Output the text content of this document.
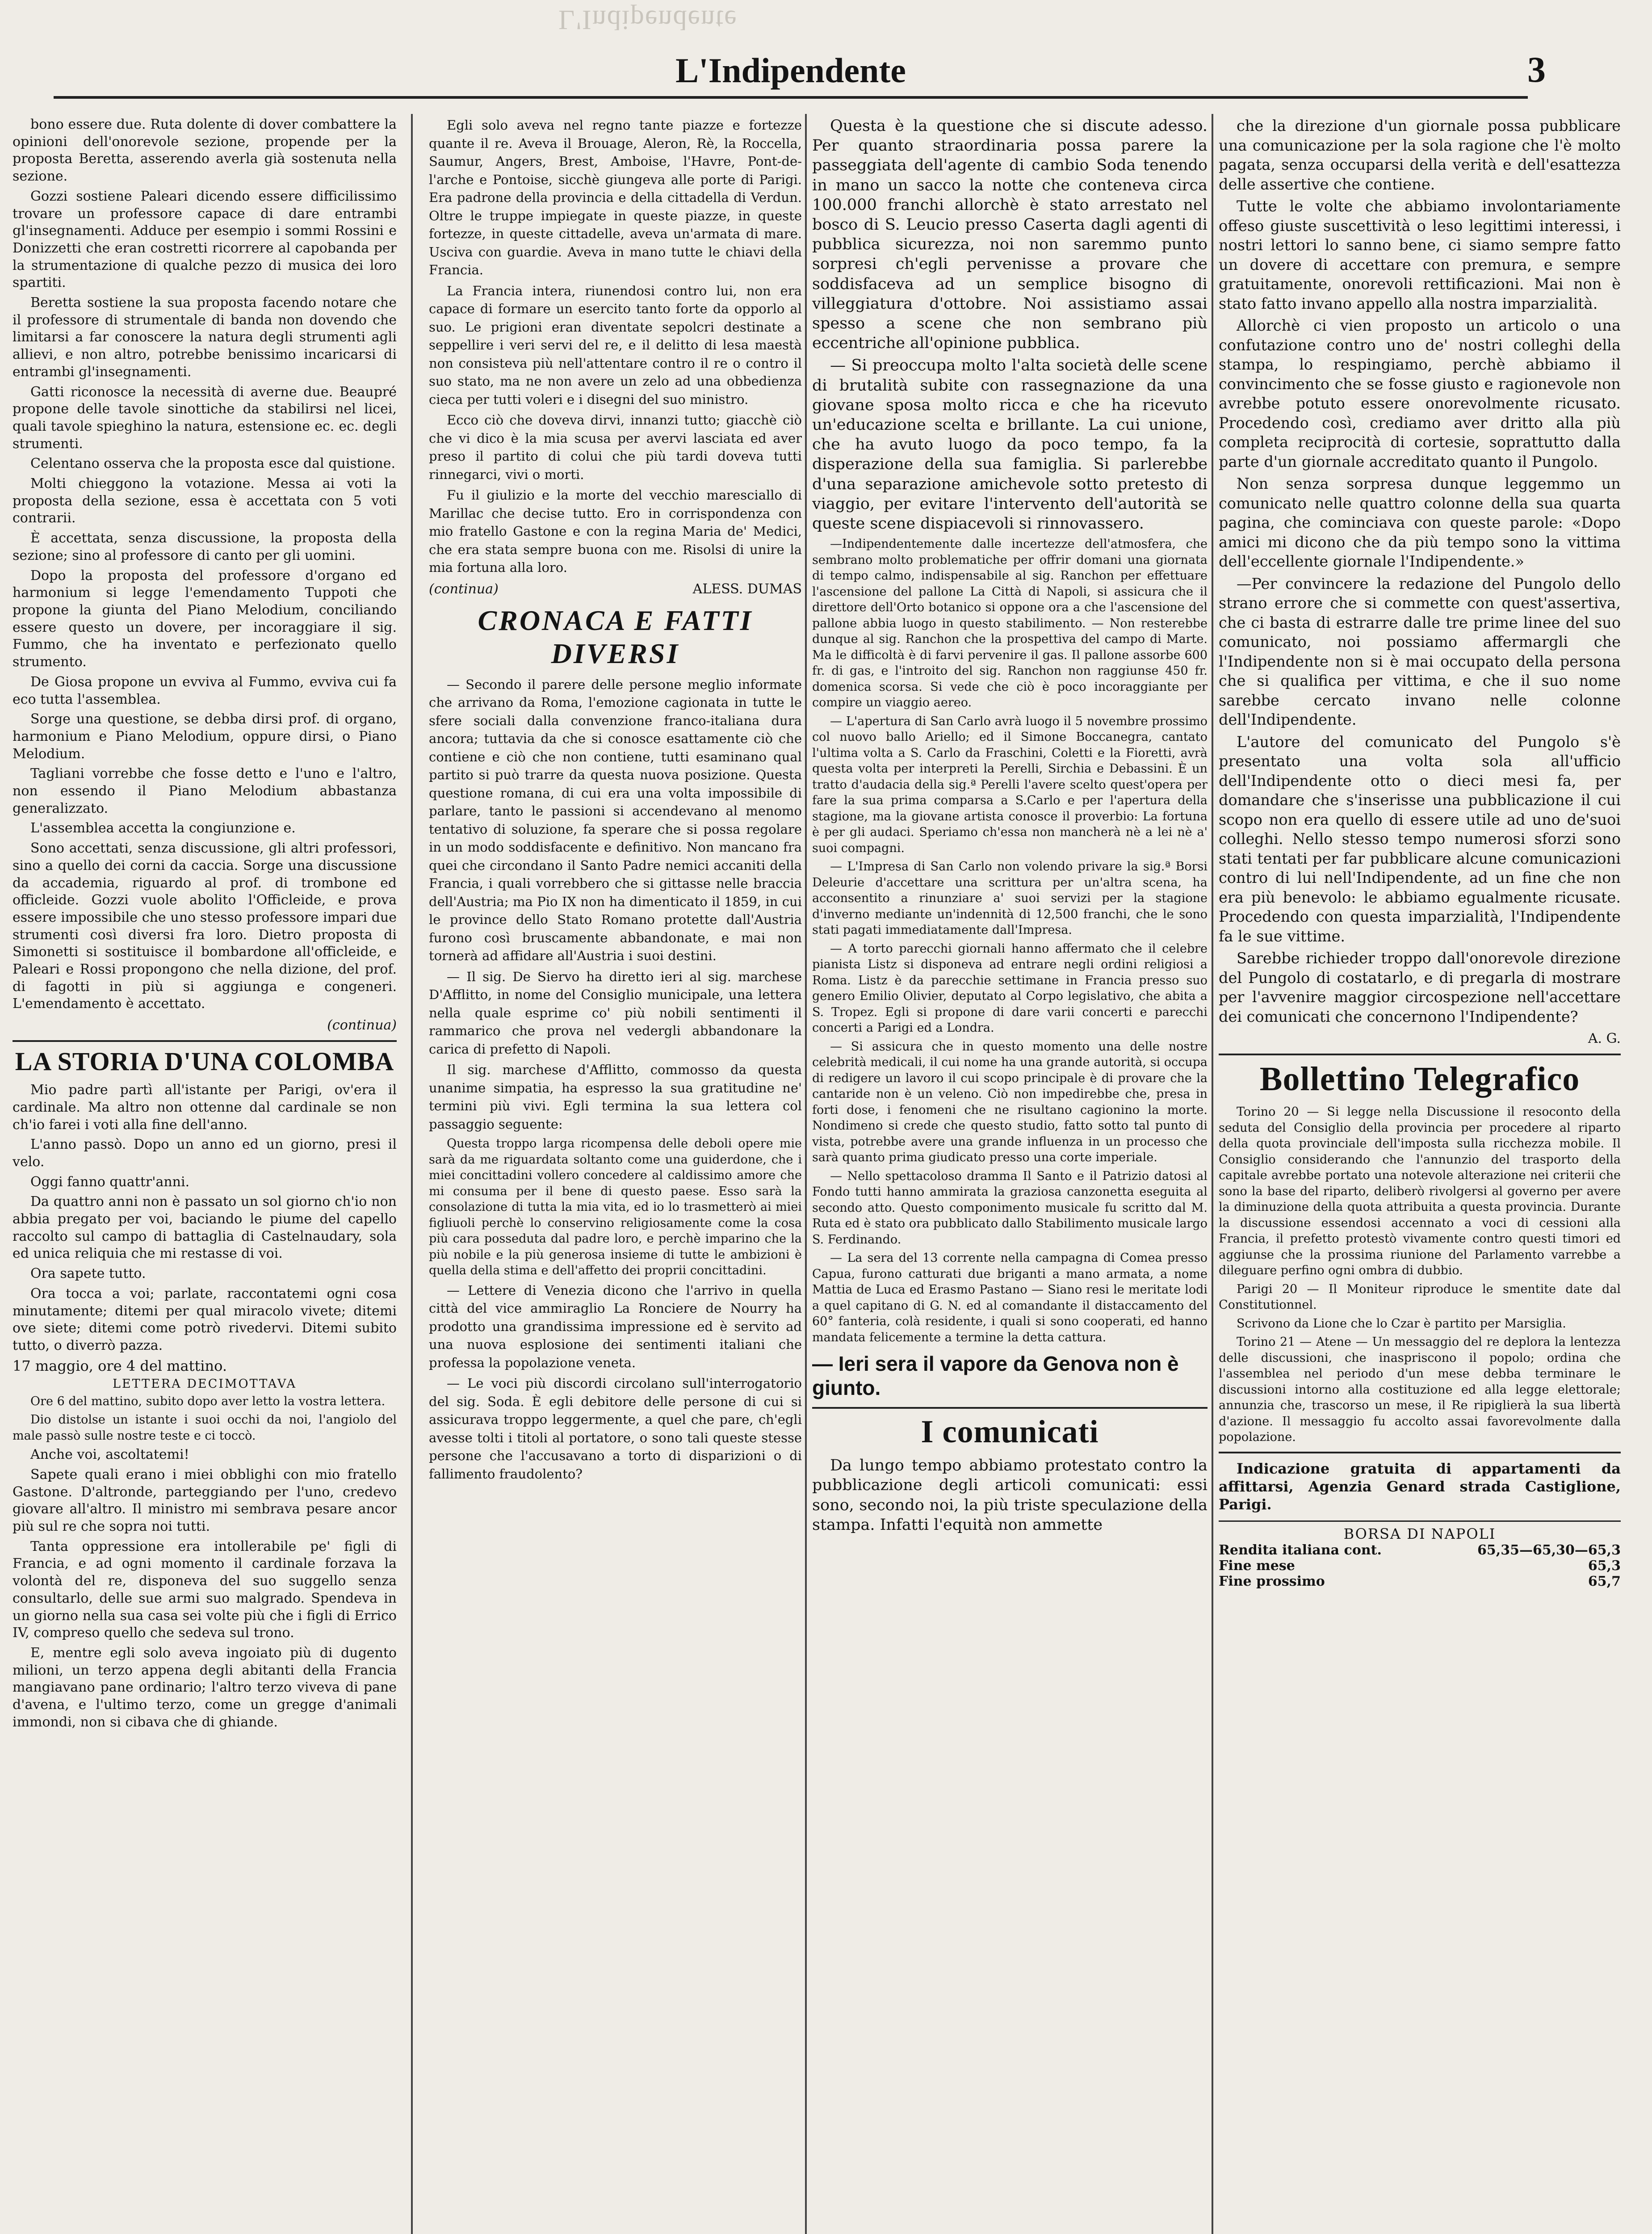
L'Indipendente
L'Indipendente	3

bono essere due. Ruta dolente di dover combattere la opinioni dell'onorevole sezione, propende per la proposta Beretta, asserendo averla già sostenuta nella sezione.

Gozzi sostiene Paleari dicendo essere difficilissimo trovare un professore capace di dare entrambi gl'insegnamenti. Adduce per esempio i sommi Rossini e Donizzetti che eran costretti ricorrere al capobanda per la strumentazione di qualche pezzo di musica dei loro spartiti.

Beretta sostiene la sua proposta facendo notare che il professore di strumentale di banda non dovendo che limitarsi a far conoscere la natura degli strumenti agli allievi, e non altro, potrebbe benissimo incaricarsi di entrambi gl'insegnamenti.

Gatti riconosce la necessità di averne due. Beaupré propone delle tavole sinottiche da stabilirsi nel licei, quali tavole spieghino la natura, estensione ec. ec. degli strumenti.

Celentano osserva che la proposta esce dal quistione.

Molti chieggono la votazione. Messa ai voti la proposta della sezione, essa è accettata con 5 voti contrarii.

È accettata, senza discussione, la proposta della sezione; sino al professore di canto per gli uomini.

Dopo la proposta del professore d'organo ed harmonium si legge l'emendamento Tuppoti che propone la giunta del Piano Melodium, conciliando essere questo un dovere, per incoraggiare il sig. Fummo, che ha inventato e perfezionato quello strumento.

De Giosa propone un evviva al Fummo, evviva cui fa eco tutta l'assemblea.

Sorge una questione, se debba dirsi prof. di organo, harmonium e Piano Melodium, oppure dirsi, o Piano Melodium.

Tagliani vorrebbe che fosse detto e l'uno e l'altro, non essendo il Piano Melodium abbastanza generalizzato.

L'assemblea accetta la congiunzione e.

Sono accettati, senza discussione, gli altri professori, sino a quello dei corni da caccia. Sorge una discussione da accademia, riguardo al prof. di trombone ed officleide. Gozzi vuole abolito l'Officleide, e prova essere impossibile che uno stesso professore impari due strumenti così diversi fra loro. Dietro proposta di Simonetti si sostituisce il bombardone all'officleide, e Paleari e Rossi propongono che nella dizione, del prof. di fagotti in più si aggiunga e congeneri. L'emendamento è accettato.

(continua)
LA STORIA D'UNA COLOMBA

Mio padre partì all'istante per Parigi, ov'era il cardinale. Ma altro non ottenne dal cardinale se non ch'io farei i voti alla fine dell'anno.

L'anno passò. Dopo un anno ed un giorno, presi il velo.

Oggi fanno quattr'anni.

Da quattro anni non è passato un sol giorno ch'io non abbia pregato per voi, baciando le piume del capello raccolto sul campo di battaglia di Castelnaudary, sola ed unica reliquia che mi restasse di voi.

Ora sapete tutto.

Ora tocca a voi; parlate, raccontatemi ogni cosa minutamente; ditemi per qual miracolo vivete; ditemi ove siete; ditemi come potrò rivedervi. Ditemi subito tutto, o diverrò pazza.

17 maggio, ore 4 del mattino.
LETTERA DECIMOTTAVA

Ore 6 del mattino, subito dopo aver letto la vostra lettera.

Dio distolse un istante i suoi occhi da noi, l'angiolo del male passò sulle nostre teste e ci toccò.

Anche voi, ascoltatemi!

Sapete quali erano i miei obblighi con mio fratello Gastone. D'altronde, parteggiando per l'uno, credevo giovare all'altro. Il ministro mi sembrava pesare ancor più sul re che sopra noi tutti.

Tanta oppressione era intollerabile pe' figli di Francia, e ad ogni momento il cardinale forzava la volontà del re, disponeva del suo suggello senza consultarlo, delle sue armi suo malgrado. Spendeva in un giorno nella sua casa sei volte più che i figli di Errico IV, compreso quello che sedeva sul trono.

E, mentre egli solo aveva ingoiato più di dugento milioni, un terzo appena degli abitanti della Francia mangiavano pane ordinario; l'altro terzo viveva di pane d'avena, e l'ultimo terzo, come un gregge d'animali immondi, non si cibava che di ghiande.

Egli solo aveva nel regno tante piazze e fortezze quante il re. Aveva il Brouage, Aleron, Rè, la Roccella, Saumur, Angers, Brest, Amboise, l'Havre, Pont-de-l'arche e Pontoise, sicchè giungeva alle porte di Parigi. Era padrone della provincia e della cittadella di Verdun. Oltre le truppe impiegate in queste piazze, in queste fortezze, in queste cittadelle, aveva un'armata di mare. Usciva con guardie. Aveva in mano tutte le chiavi della Francia.

La Francia intera, riunendosi contro lui, non era capace di formare un esercito tanto forte da opporlo al suo. Le prigioni eran diventate sepolcri destinate a seppellire i veri servi del re, e il delitto di lesa maestà non consisteva più nell'attentare contro il re o contro il suo stato, ma ne non avere un zelo ad una obbedienza cieca per tutti voleri e i disegni del suo ministro.

Ecco ciò che doveva dirvi, innanzi tutto; giacchè ciò che vi dico è la mia scusa per avervi lasciata ed aver preso il partito di colui che più tardi doveva tutti rinnegarci, vivi o morti.

Fu il giulizio e la morte del vecchio maresciallo di Marillac che decise tutto. Ero in corrispondenza con mio fratello Gastone e con la regina Maria de' Medici, che era stata sempre buona con me. Risolsi di unire la mia fortuna alla loro.

(continua)	ALESS. DUMAS
CRONACA E FATTI DIVERSI

— Secondo il parere delle persone meglio informate che arrivano da Roma, l'emozione cagionata in tutte le sfere sociali dalla convenzione franco-italiana dura ancora; tuttavia da che si conosce esattamente ciò che contiene e ciò che non contiene, tutti esaminano qual partito si può trarre da questa nuova posizione. Questa questione romana, di cui era una volta impossibile di parlare, tanto le passioni si accendevano al menomo tentativo di soluzione, fa sperare che si possa regolare in un modo soddisfacente e definitivo. Non mancano fra quei che circondano il Santo Padre nemici accaniti della Francia, i quali vorrebbero che si gittasse nelle braccia dell'Austria; ma Pio IX non ha dimenticato il 1859, in cui le province dello Stato Romano protette dall'Austria furono così bruscamente abbandonate, e mai non tornerà ad affidare all'Austria i suoi destini.

— Il sig. De Siervo ha diretto ieri al sig. marchese D'Afflitto, in nome del Consiglio municipale, una lettera nella quale esprime co' più nobili sentimenti il rammarico che prova nel vedergli abbandonare la carica di prefetto di Napoli.

Il sig. marchese d'Afflitto, commosso da questa unanime simpatia, ha espresso la sua gratitudine ne' termini più vivi. Egli termina la sua lettera col passaggio seguente:

Questa troppo larga ricompensa delle deboli opere mie sarà da me riguardata soltanto come una guiderdone, che i miei concittadini vollero concedere al caldissimo amore che mi consuma per il bene di questo paese. Esso sarà la consolazione di tutta la mia vita, ed io lo trasmetterò ai miei figliuoli perchè lo conservino religiosamente come la cosa più cara posseduta dal padre loro, e perchè imparino che la più nobile e la più generosa insieme di tutte le ambizioni è quella della stima e dell'affetto dei proprii concittadini.

— Lettere di Venezia dicono che l'arrivo in quella città del vice ammiraglio La Ronciere de Nourry ha prodotto una grandissima impressione ed è servito ad una nuova esplosione dei sentimenti italiani che professa la popolazione veneta.

— Le voci più discordi circolano sull'interrogatorio del sig. Soda. È egli debitore delle persone di cui si assicurava troppo leggermente, a quel che pare, ch'egli avesse tolti i titoli al portatore, o sono tali queste stesse persone che l'accusavano a torto di disparizioni o di fallimento fraudolento?

Questa è la questione che si discute adesso. Per quanto straordinaria possa parere la passeggiata dell'agente di cambio Soda tenendo in mano un sacco la notte che conteneva circa 100.000 franchi allorchè è stato arrestato nel bosco di S. Leucio presso Caserta dagli agenti di pubblica sicurezza, noi non saremmo punto sorpresi ch'egli pervenisse a provare che soddisfaceva ad un semplice bisogno di villeggiatura d'ottobre. Noi assistiamo assai spesso a scene che non sembrano più eccentriche all'opinione pubblica.

— Si preoccupa molto l'alta società delle scene di brutalità subite con rassegnazione da una giovane sposa molto ricca e che ha ricevuto un'educazione scelta e brillante. La cui unione, che ha avuto luogo da poco tempo, fa la disperazione della sua famiglia. Si parlerebbe d'una separazione amichevole sotto pretesto di viaggio, per evitare l'intervento dell'autorità se queste scene dispiacevoli si rinnovassero.

—Indipendentemente dalle incertezze dell'atmosfera, che sembrano molto problematiche per offrir domani una giornata di tempo calmo, indispensabile al sig. Ranchon per effettuare l'ascensione del pallone La Città di Napoli, si assicura che il direttore dell'Orto botanico si oppone ora a che l'ascensione del pallone abbia luogo in questo stabilimento. — Non resterebbe dunque al sig. Ranchon che la prospettiva del campo di Marte. Ma le difficoltà è di farvi pervenire il gas. Il pallone assorbe 600 fr. di gas, e l'introito del sig. Ranchon non raggiunse 450 fr. domenica scorsa. Si vede che ciò è poco incoraggiante per compire un viaggio aereo.

— L'apertura di San Carlo avrà luogo il 5 novembre prossimo col nuovo ballo Ariello; ed il Simone Boccanegra, cantato l'ultima volta a S. Carlo da Fraschini, Coletti e la Fioretti, avrà questa volta per interpreti la Perelli, Sirchia e Debassini. È un tratto d'audacia della sig.ª Perelli l'avere scelto quest'opera per fare la sua prima comparsa a S.Carlo e per l'apertura della stagione, ma la giovane artista conosce il proverbio: La fortuna è per gli audaci. Speriamo ch'essa non mancherà nè a lei nè a' suoi compagni.

— L'Impresa di San Carlo non volendo privare la sig.ª Borsi Deleurie d'accettare una scrittura per un'altra scena, ha acconsentito a rinunziare a' suoi servizi per la stagione d'inverno mediante un'indennità di 12,500 franchi, che le sono stati pagati immediatamente dall'Impresa.

— A torto parecchi giornali hanno affermato che il celebre pianista Listz si disponeva ad entrare negli ordini religiosi a Roma. Listz è da parecchie settimane in Francia presso suo genero Emilio Olivier, deputato al Corpo legislativo, che abita a S. Tropez. Egli si propone di dare varii concerti e parecchi concerti a Parigi ed a Londra.

— Si assicura che in questo momento una delle nostre celebrità medicali, il cui nome ha una grande autorità, si occupa di redigere un lavoro il cui scopo principale è di provare che la cantaride non è un veleno. Ciò non impedirebbe che, presa in forti dose, i fenomeni che ne risultano cagionino la morte. Nondimeno si crede che questo studio, fatto sotto tal punto di vista, potrebbe avere una grande influenza in un processo che sarà quanto prima giudicato presso una corte imperiale.

— Nello spettacoloso dramma Il Santo e il Patrizio datosi al Fondo tutti hanno ammirata la graziosa canzonetta eseguita al secondo atto. Questo componimento musicale fu scritto dal M. Ruta ed è stato ora pubblicato dallo Stabilimento musicale largo S. Ferdinando.

— La sera del 13 corrente nella campagna di Comea presso Capua, furono catturati due briganti a mano armata, a nome Mattia de Luca ed Erasmo Pastano — Siano resi le meritate lodi a quel capitano di G. N. ed al comandante il distaccamento del 60° fanteria, colà residente, i quali si sono cooperati, ed hanno mandata felicemente a termine la detta cattura.

— Ieri sera il vapore da Genova non è giunto.
I comunicati

Da lungo tempo abbiamo protestato contro la pubblicazione degli articoli comunicati: essi sono, secondo noi, la più triste speculazione della stampa. Infatti l'equità non ammette

che la direzione d'un giornale possa pubblicare una comunicazione per la sola ragione che l'è molto pagata, senza occuparsi della verità e dell'esattezza delle assertive che contiene.

Tutte le volte che abbiamo involontariamente offeso giuste suscettività o leso legittimi interessi, i nostri lettori lo sanno bene, ci siamo sempre fatto un dovere di accettare con premura, e sempre gratuitamente, onorevoli rettificazioni. Mai non è stato fatto invano appello alla nostra imparzialità.

Allorchè ci vien proposto un articolo o una confutazione contro uno de' nostri colleghi della stampa, lo respingiamo, perchè abbiamo il convincimento che se fosse giusto e ragionevole non avrebbe potuto essere onorevolmente ricusato. Procedendo così, crediamo aver dritto alla più completa reciprocità di cortesie, soprattutto dalla parte d'un giornale accreditato quanto il Pungolo.

Non senza sorpresa dunque leggemmo un comunicato nelle quattro colonne della sua quarta pagina, che cominciava con queste parole: «Dopo amici mi dicono che da più tempo sono la vittima dell'eccellente giornale l'Indipendente.»

—Per convincere la redazione del Pungolo dello strano errore che si commette con quest'assertiva, che ci basta di estrarre dalle tre prime linee del suo comunicato, noi possiamo affermargli che l'Indipendente non si è mai occupato della persona che si qualifica per vittima, e che il suo nome sarebbe cercato invano nelle colonne dell'Indipendente.

L'autore del comunicato del Pungolo s'è presentato una volta sola all'ufficio dell'Indipendente otto o dieci mesi fa, per domandare che s'inserisse una pubblicazione il cui scopo non era quello di essere utile ad uno de'suoi colleghi. Nello stesso tempo numerosi sforzi sono stati tentati per far pubblicare alcune comunicazioni contro di lui nell'Indipendente, ad un fine che non era più benevolo: le abbiamo egualmente ricusate. Procedendo con questa imparzialità, l'Indipendente fa le sue vittime.

Sarebbe richieder troppo dall'onorevole direzione del Pungolo di costatarlo, e di pregarla di mostrare per l'avvenire maggior circospezione nell'accettare dei comunicati che concernono l'Indipendente?

A. G.
Bollettino Telegrafico

Torino 20 — Si legge nella Discussione il resoconto della seduta del Consiglio della provincia per procedere al riparto della quota provinciale dell'imposta sulla ricchezza mobile. Il Consiglio considerando che l'annunzio del trasporto della capitale avrebbe portato una notevole alterazione nei criterii che sono la base del riparto, deliberò rivolgersi al governo per avere la diminuzione della quota attribuita a questa provincia. Durante la discussione essendosi accennato a voci di cessioni alla Francia, il prefetto protestò vivamente contro questi timori ed aggiunse che la prossima riunione del Parlamento varrebbe a dileguare perfino ogni ombra di dubbio.

Parigi 20 — Il Moniteur riproduce le smentite date dal Constitutionnel.

Scrivono da Lione che lo Czar è partito per Marsiglia.

Torino 21 — Atene — Un messaggio del re deplora la lentezza delle discussioni, che inaspriscono il popolo; ordina che l'assemblea nel periodo d'un mese debba terminare le discussioni intorno alla costituzione ed alla legge elettorale; annunzia che, trascorso un mese, il Re ripiglierà la sua libertà d'azione. Il messaggio fu accolto assai favorevolmente dalla popolazione.

Indicazione gratuita di appartamenti da affittarsi, Agenzia Genard strada Castiglione, Parigi.
BORSA DI NAPOLI
Rendita italiana cont.	65,35—65,30—65,3
Fine mese	65,3
Fine prossimo	65,7
